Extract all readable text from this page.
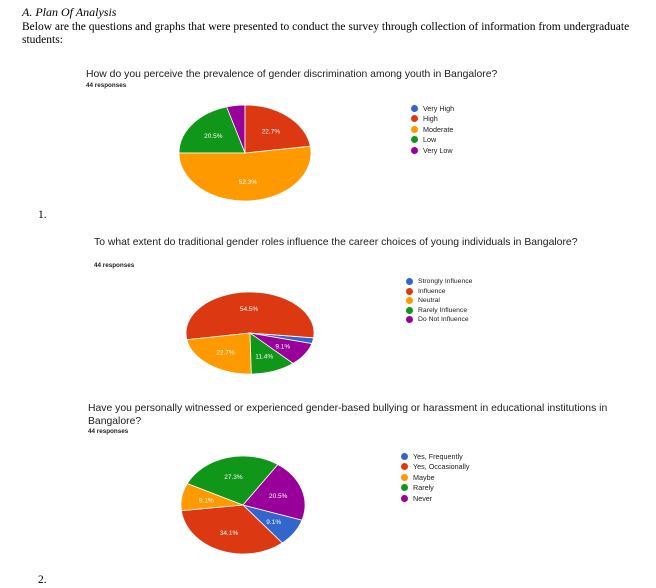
A. Plan Of Analysis
Below are the questions and graphs that were presented to conduct the survey through collection of information from undergraduate students:
1.
2.
How do you perceive the prevalence of gender discrimination among youth in Bangalore?
44 responses
20.5%
52.3%
22.7%
Very High
High
Moderate
Low
Very Low
To what extent do traditional gender roles influence the career choices of young individuals in Bangalore?
44 responses
54.5%
22.7%
11.4%
9.1%
Strongly Influence
Influence
Neutral
Rarely Influence
Do Not Influence
Have you personally witnessed or experienced gender-based bullying or harassment in educational institutions in Bangalore?
44 responses
9.1%
34.1%
9.1%
27.3%
20.5%
Yes, Frequently
Yes, Occasionally
Maybe
Rarely
Never
